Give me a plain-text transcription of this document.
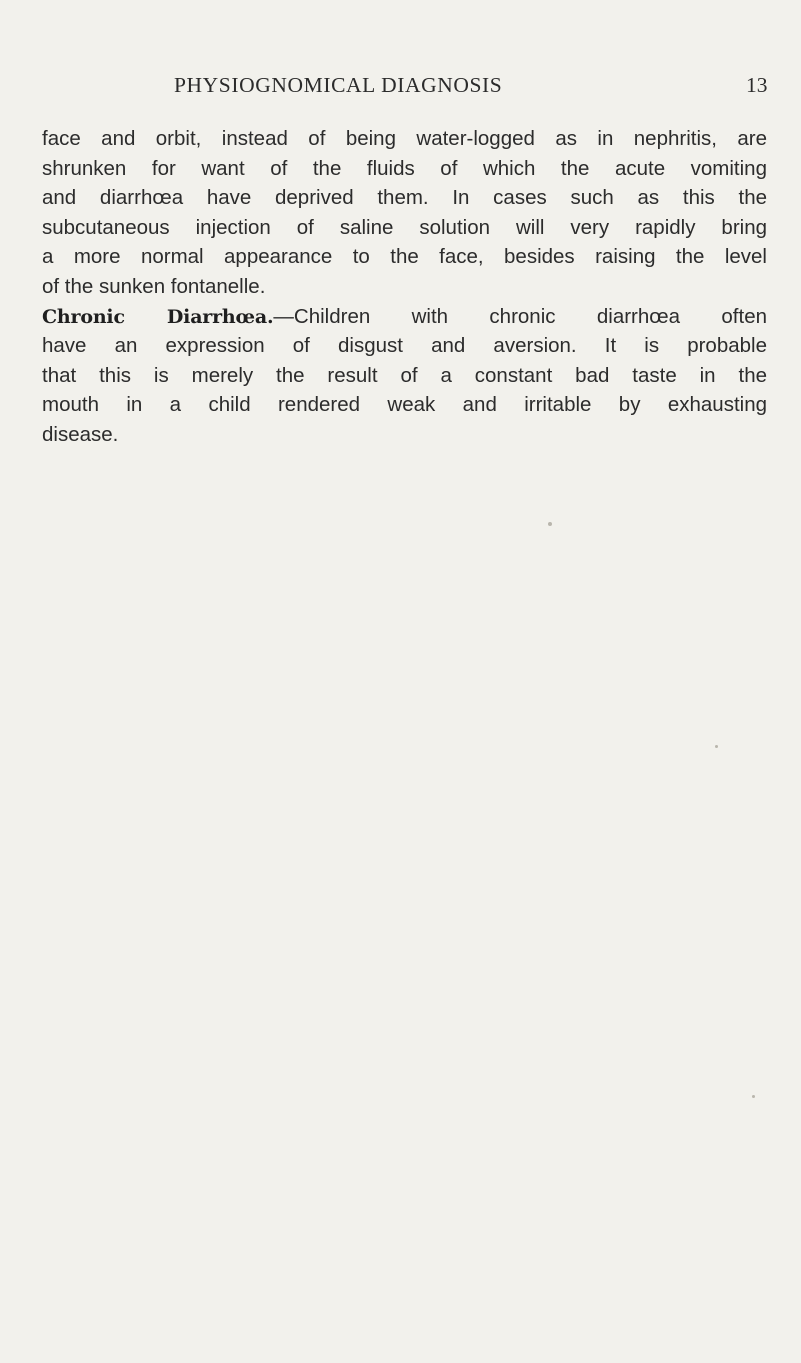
PHYSIOGNOMICAL DIAGNOSIS	13
face and orbit, instead of being water-logged as in nephritis, are
shrunken for want of the fluids of which the acute vomiting
and diarrhœa have deprived them. In cases such as this the
subcutaneous injection of saline solution will very rapidly bring
a more normal appearance to the face, besides raising the level
of the sunken fontanelle.
Chronic Diarrhœa.—Children with chronic diarrhœa often
have an expression of disgust and aversion. It is probable
that this is merely the result of a constant bad taste in the
mouth in a child rendered weak and irritable by exhausting
disease.
